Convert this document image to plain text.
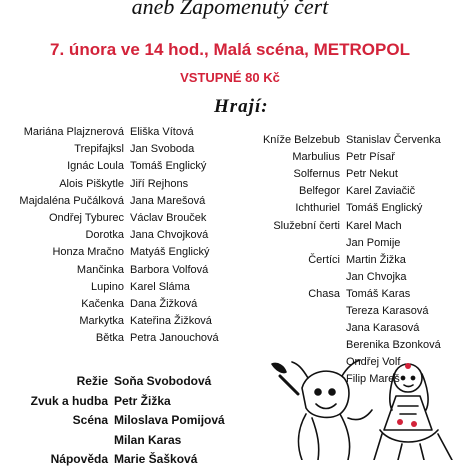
aneb Zapomenutý čert
7. února ve 14 hod., Malá scéna, METROPOL
VSTUPNÉ 80 Kč
Hrají:
Mariána Plajznerová Eliška Vítová
Trepifajksl Jan Svoboda
Ignác Loula Tomáš Englický
Alois Piškytle Jiří Rejhons
Majdaléna Pučálková Jana Marešová
Ondřej Tyburec Václav Brouček
Dorotka Jana Chvojková
Honza Mračno Matyáš Englický
Mančinka Barbora Volfová
Lupino Karel Sláma
Kačenka Dana Žižková
Markytka Kateřina Žižková
Bětka Petra Janouchová
Kníže Belzebub Stanislav Červenka
Marbulius Petr Písař
Solfernus Petr Nekut
Belfegor Karel Zavіačič
Ichthuriel Tomáš Englický
Služební čerti Karel Mach
Jan Pomije
Čertíci Martin Žižka
Jan Chvojka
Chasa Tomáš Karas
Tereza Karasová
Jana Karasová
Berenika Bzonková
Ondřej Volf
Filip Mareš
Režie Soňa Svobodová
Zvuk a hudba Petr Žižka
Scéna Miloslava Pomijová
Milan Karas
Nápověda Marie Šašková
